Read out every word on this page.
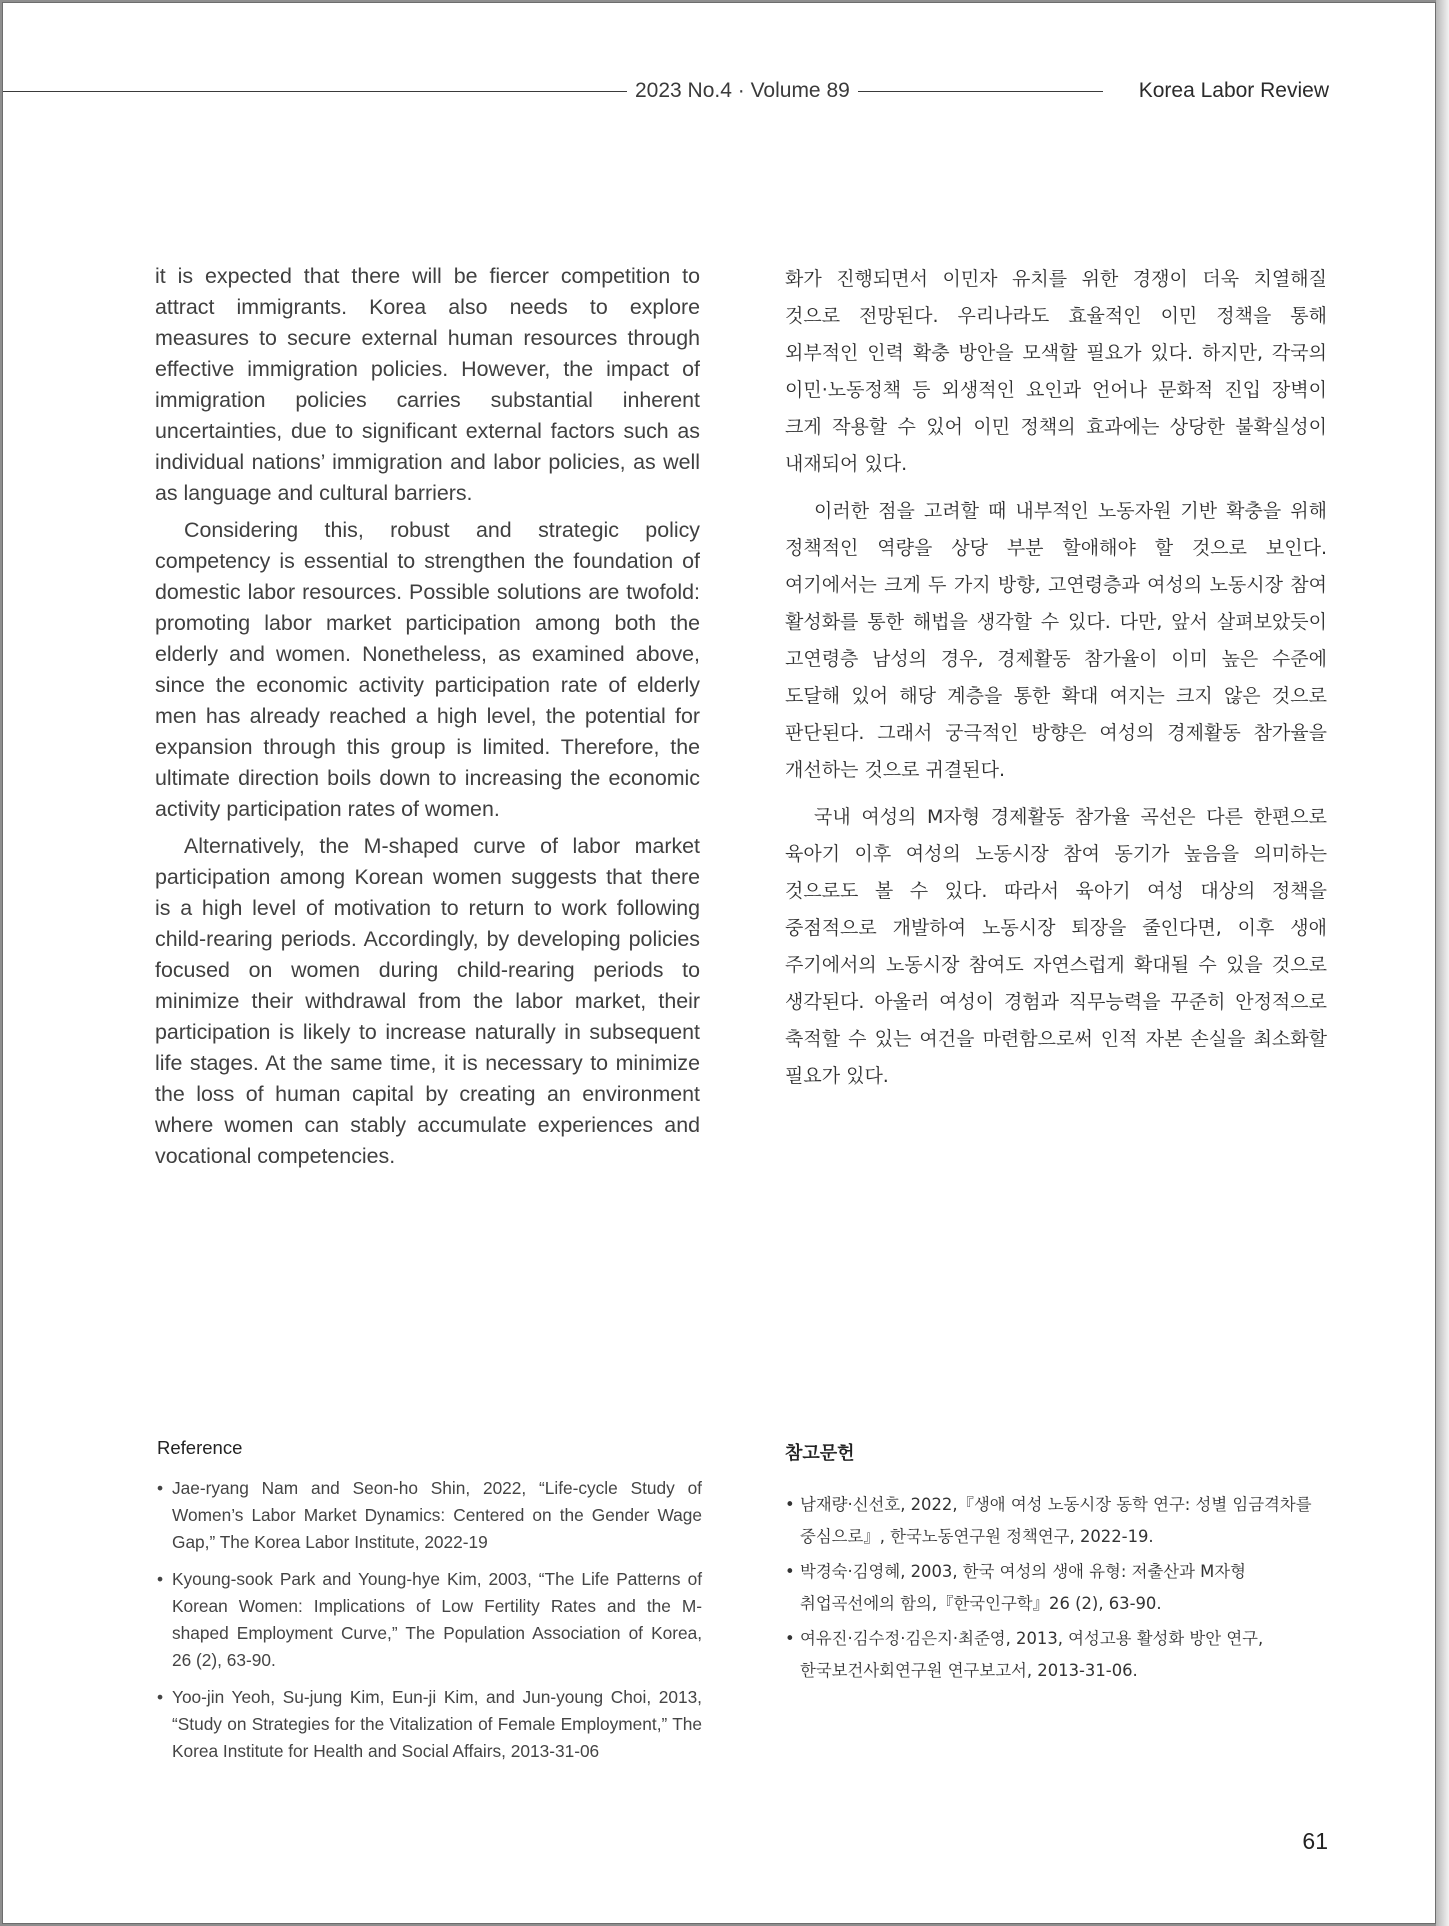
2023 No.4 · Volume 89	Korea Labor Review

it is expected that there will be fiercer competition to attract immigrants. Korea also needs to explore measures to secure external human resources through effective immigration policies. However, the impact of immigration policies carries substantial inherent uncertainties, due to significant external factors such as individual nations’ immigration and labor policies, as well as language and cultural barriers.

Considering this, robust and strategic policy competency is essential to strengthen the foundation of domestic labor resources. Possible solutions are twofold: promoting labor market participation among both the elderly and women. Nonetheless, as examined above, since the economic activity participation rate of elderly men has already reached a high level, the potential for expansion through this group is limited. Therefore, the ultimate direction boils down to increasing the economic activity participation rates of women.

Alternatively, the M-shaped curve of labor market participation among Korean women suggests that there is a high level of motivation to return to work following child-rearing periods. Accordingly, by developing policies focused on women during child-rearing periods to minimize their withdrawal from the labor market, their participation is likely to increase naturally in subsequent life stages. At the same time, it is necessary to minimize the loss of human capital by creating an environment where women can stably accumulate experiences and vocational competencies.

화가 진행되면서 이민자 유치를 위한 경쟁이 더욱 치열해질 것으로 전망된다. 우리나라도 효율적인 이민 정책을 통해 외부적인 인력 확충 방안을 모색할 필요가 있다. 하지만, 각국의 이민·노동정책 등 외생적인 요인과 언어나 문화적 진입 장벽이 크게 작용할 수 있어 이민 정책의 효과에는 상당한 불확실성이 내재되어 있다.

이러한 점을 고려할 때 내부적인 노동자원 기반 확충을 위해 정책적인 역량을 상당 부분 할애해야 할 것으로 보인다. 여기에서는 크게 두 가지 방향, 고연령층과 여성의 노동시장 참여 활성화를 통한 해법을 생각할 수 있다. 다만, 앞서 살펴보았듯이 고연령층 남성의 경우, 경제활동 참가율이 이미 높은 수준에 도달해 있어 해당 계층을 통한 확대 여지는 크지 않은 것으로 판단된다. 그래서 궁극적인 방향은 여성의 경제활동 참가율을 개선하는 것으로 귀결된다.

국내 여성의 M자형 경제활동 참가율 곡선은 다른 한편으로 육아기 이후 여성의 노동시장 참여 동기가 높음을 의미하는 것으로도 볼 수 있다. 따라서 육아기 여성 대상의 정책을 중점적으로 개발하여 노동시장 퇴장을 줄인다면, 이후 생애 주기에서의 노동시장 참여도 자연스럽게 확대될 수 있을 것으로 생각된다. 아울러 여성이 경험과 직무능력을 꾸준히 안정적으로 축적할 수 있는 여건을 마련함으로써 인적 자본 손실을 최소화할 필요가 있다.

Reference
• Jae-ryang Nam and Seon-ho Shin, 2022, “Life-cycle Study of Women’s Labor Market Dynamics: Centered on the Gender Wage Gap,” The Korea Labor Institute, 2022-19
• Kyoung-sook Park and Young-hye Kim, 2003, “The Life Patterns of Korean Women: Implications of Low Fertility Rates and the M-shaped Employment Curve,” The Population Association of Korea, 26 (2), 63-90.
• Yoo-jin Yeoh, Su-jung Kim, Eun-ji Kim, and Jun-young Choi, 2013, “Study on Strategies for the Vitalization of Female Employment,” The Korea Institute for Health and Social Affairs, 2013-31-06
참고문헌
• 남재량·신선호, 2022,『생애 여성 노동시장 동학 연구: 성별 임금격차를 중심으로』, 한국노동연구원 정책연구, 2022-19.
• 박경숙·김영혜, 2003, 한국 여성의 생애 유형: 저출산과 M자형 취업곡선에의 함의,『한국인구학』26 (2), 63-90.
• 여유진·김수정·김은지·최준영, 2013, 여성고용 활성화 방안 연구, 한국보건사회연구원 연구보고서, 2013-31-06.
61
